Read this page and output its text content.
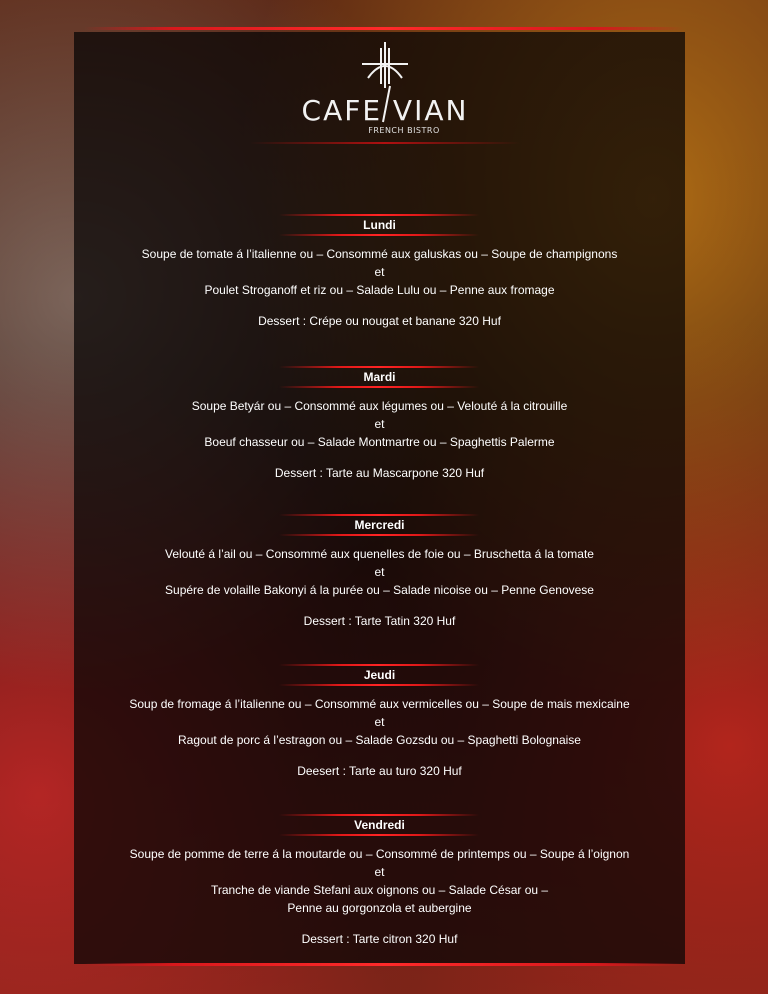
CAFE VIAN
FRENCH BISTRO
Lundi

Soupe de tomate á l’italienne ou – Consommé aux galuskas ou – Soupe de champignons

et

Poulet Stroganoff et riz ou – Salade Lulu ou – Penne aux fromage

Dessert : Crépe ou nougat et banane 320 Huf

Mardi

Soupe Betyár ou – Consommé aux légumes ou – Velouté á la citrouille

et

Boeuf chasseur ou – Salade Montmartre ou – Spaghettis Palerme

Dessert : Tarte au Mascarpone 320 Huf

Mercredi

Velouté á l’ail ou – Consommé aux quenelles de foie ou – Bruschetta á la tomate

et

Supére de volaille Bakonyi á la purée ou – Salade nicoise ou – Penne Genovese

Dessert : Tarte Tatin 320 Huf

Jeudi

Soup de fromage á l’italienne ou – Consommé aux vermicelles ou – Soupe de mais mexicaine

et

Ragout de porc á l’estragon ou – Salade Gozsdu ou – Spaghetti Bolognaise

Deesert : Tarte au turo 320 Huf

Vendredi

Soupe de pomme de terre á la moutarde ou – Consommé de printemps ou – Soupe á l’oignon

et

Tranche de viande Stefani aux oignons ou – Salade César ou –

Penne au gorgonzola et aubergine

Dessert : Tarte citron 320 Huf
